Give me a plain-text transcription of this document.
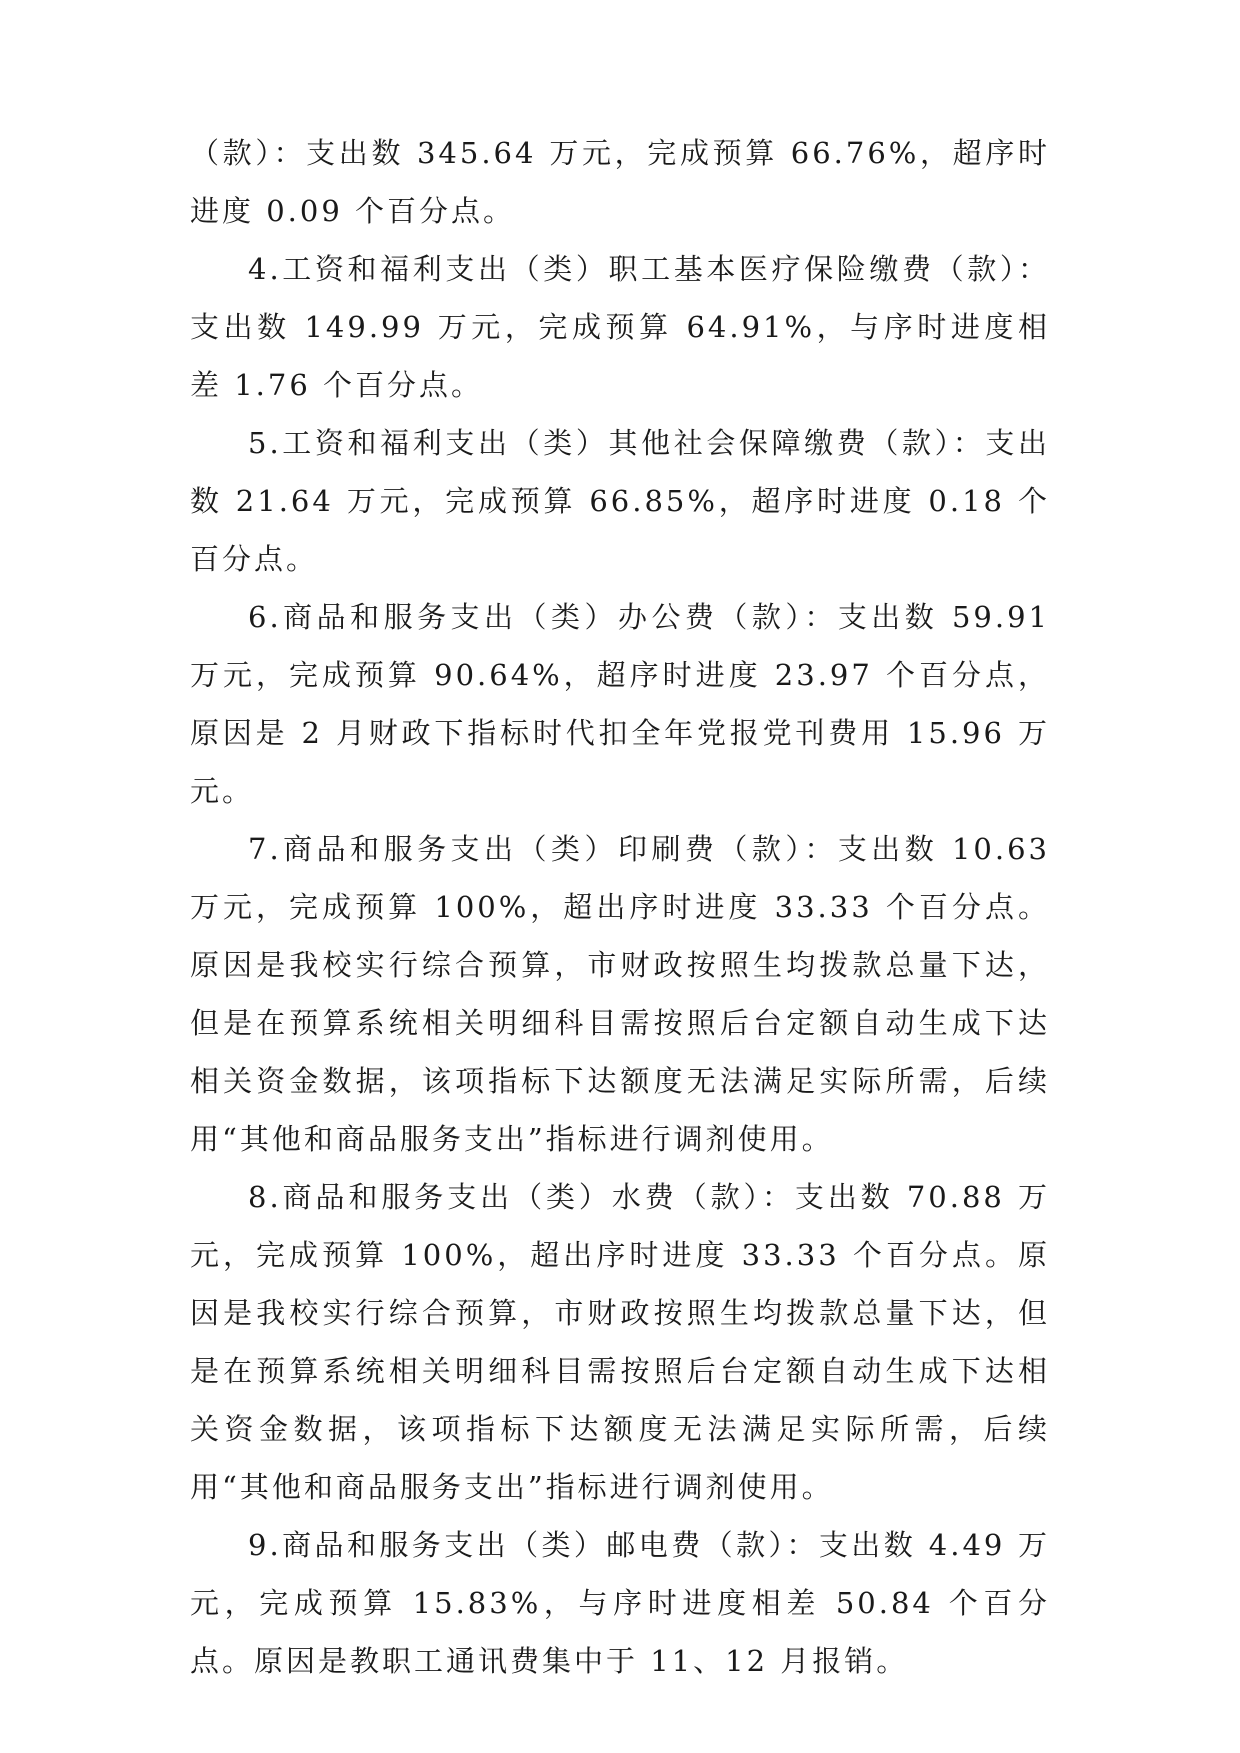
（款）：支出数 345.64 万元，完成预算 66.76%，超序时进度 0.09 个百分点。

4.工资和福利支出（类）职工基本医疗保险缴费（款）：支出数 149.99 万元，完成预算 64.91%，与序时进度相差 1.76 个百分点。

5.工资和福利支出（类）其他社会保障缴费（款）：支出数 21.64 万元，完成预算 66.85%，超序时进度 0.18 个百分点。

6.商品和服务支出（类）办公费（款）：支出数 59.91 万元，完成预算 90.64%，超序时进度 23.97 个百分点，原因是 2 月财政下指标时代扣全年党报党刊费用 15.96 万元。

7.商品和服务支出（类）印刷费（款）：支出数 10.63 万元，完成预算 100%，超出序时进度 33.33 个百分点。原因是我校实行综合预算，市财政按照生均拨款总量下达，但是在预算系统相关明细科目需按照后台定额自动生成下达相关资金数据，该项指标下达额度无法满足实际所需，后续用“其他和商品服务支出”指标进行调剂使用。

8.商品和服务支出（类）水费（款）：支出数 70.88 万元，完成预算 100%，超出序时进度 33.33 个百分点。原因是我校实行综合预算，市财政按照生均拨款总量下达，但是在预算系统相关明细科目需按照后台定额自动生成下达相关资金数据，该项指标下达额度无法满足实际所需，后续用“其他和商品服务支出”指标进行调剂使用。

9.商品和服务支出（类）邮电费（款）：支出数 4.49 万元，完成预算 15.83%，与序时进度相差 50.84 个百分点。原因是教职工通讯费集中于 11、12 月报销。
